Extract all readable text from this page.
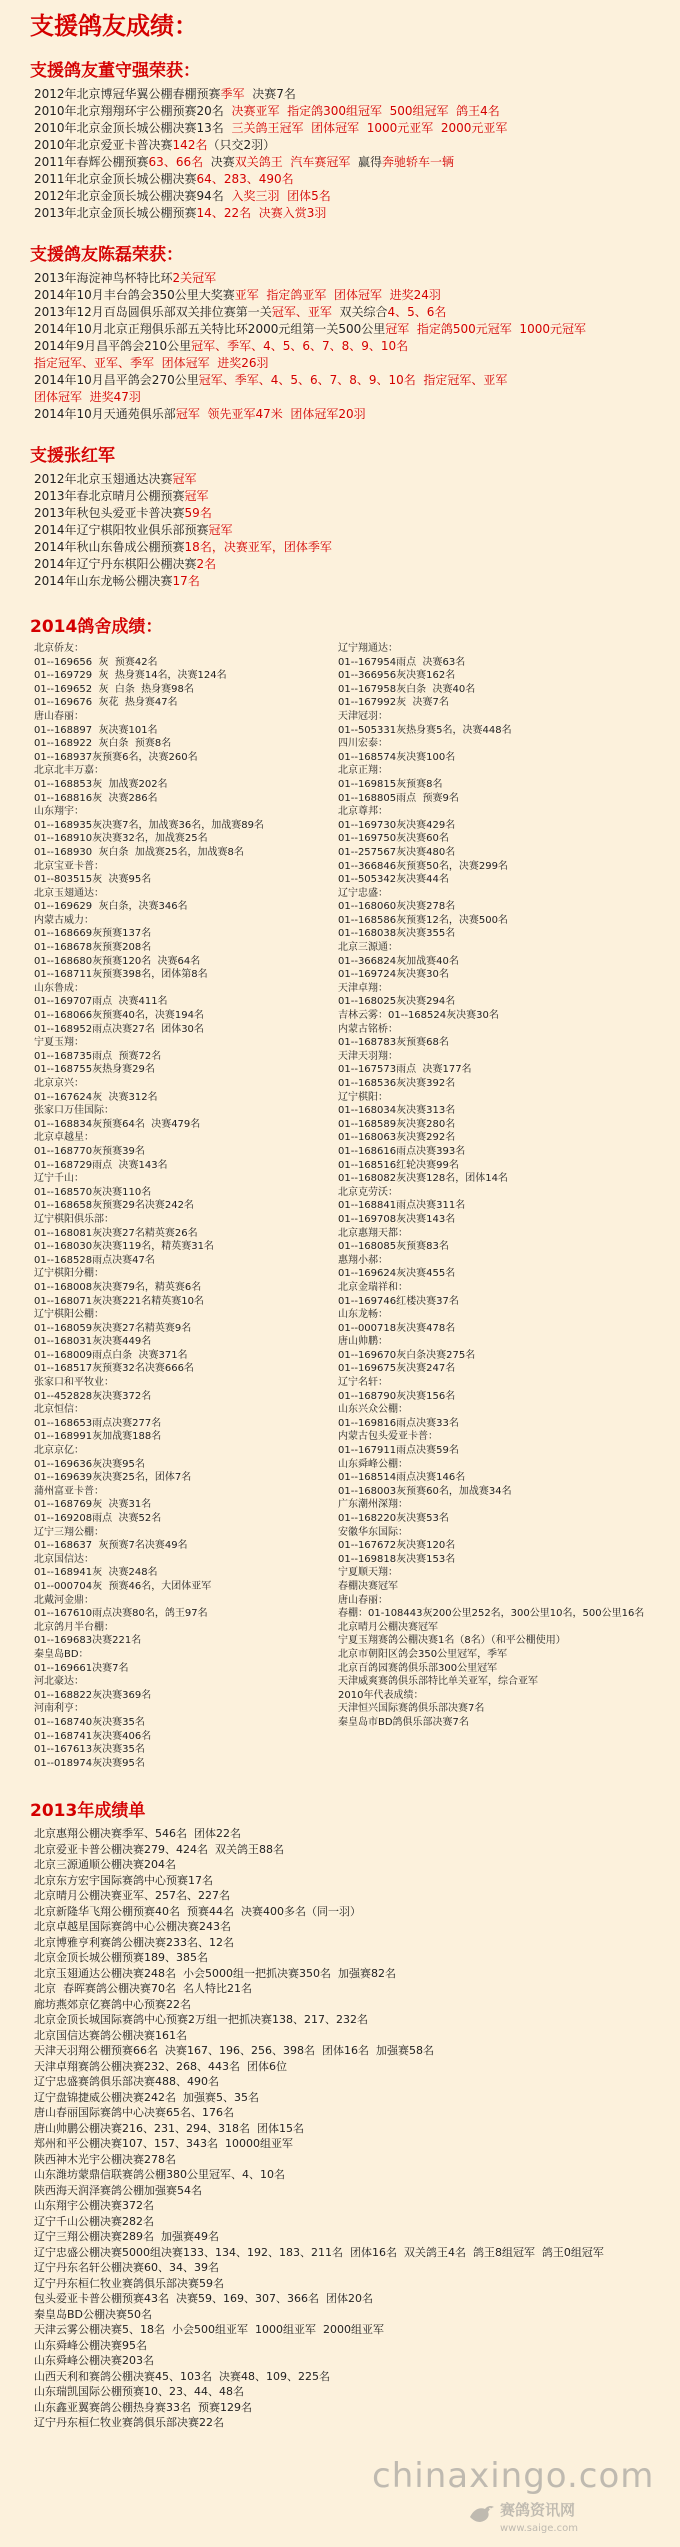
支援鸽友成绩：
支援鸽友董守强荣获：
2012年北京博冠华翼公棚春棚预赛季军  决赛7名
2010年北京翔翔环宇公棚预赛20名  决赛亚军  指定鸽300组冠军  500组冠军  鸽王4名
2010年北京金顶长城公棚决赛13名  三关鸽王冠军  团体冠军  1000元亚军  2000元亚军
2010年北京爱亚卡普决赛142名（只交2羽）
2011年春辉公棚预赛63、66名  决赛双关鸽王  汽车赛冠军  赢得奔驰轿车一辆
2011年北京金顶长城公棚决赛64、283、490名
2012年北京金顶长城公棚决赛94名  入奖三羽  团体5名
2013年北京金顶长城公棚预赛14、22名  决赛入赏3羽
支援鸽友陈磊荣获：
2013年海淀神鸟杯特比环2关冠军
2014年10月丰台鸽会350公里大奖赛亚军  指定鸽亚军  团体冠军  进奖24羽
2013年12月百岛圆俱乐部双关排位赛第一关冠军、亚军  双关综合4、5、6名
2014年10月北京正翔俱乐部五关特比环2000元组第一关500公里冠军  指定鸽500元冠军  1000元冠军
2014年9月昌平鸽会210公里冠军、季军、4、5、6、7、8、9、10名
指定冠军、亚军、季军  团体冠军  进奖26羽
2014年10月昌平鸽会270公里冠军、季军、4、5、6、7、8、9、10名  指定冠军、亚军
团体冠军  进奖47羽
2014年10月天通苑俱乐部冠军  领先亚军47米  团体冠军20羽
支援张红军
2012年北京玉翅通达决赛冠军
2013年春北京晴月公棚预赛冠军
2013年秋包头爱亚卡普决赛59名
2014年辽宁棋阳牧业俱乐部预赛冠军
2014年秋山东鲁成公棚预赛18名，决赛亚军，团体季军
2014年辽宁丹东棋阳公棚决赛2名
2014年山东龙畅公棚决赛17名
2014鸽舍成绩：
北京侨友：
01--169656  灰  预赛42名
01--169729  灰  热身赛14名，决赛124名
01--169652  灰  白条  热身赛98名
01--169676  灰花  热身赛47名
唐山春丽：
01--168897  灰决赛101名
01--168922  灰白条  预赛8名
01--168937灰预赛6名，决赛260名
北京北丰万嘉：
01--168853灰  加战赛202名
01--168816灰  决赛286名
山东翔宇：
01--168935灰决赛7名，加战赛36名，加战赛89名
01--168910灰决赛32名，加战赛25名
01--168930  灰白条  加战赛25名，加战赛8名
北京宝亚卡普：
01--803515灰  决赛95名
北京玉翅通达：
01--169629  灰白条，决赛346名
内蒙古威力：
01--168669灰预赛137名
01--168678灰预赛208名
01--168680灰预赛120名  决赛64名
01--168711灰预赛398名，团体第8名
山东鲁成：
01--169707雨点  决赛411名
01--168066灰预赛40名，决赛194名
01--168952雨点决赛27名  团体30名
宁夏玉翔：
01--168735雨点  预赛72名
01--168755灰热身赛29名
北京京兴：
01--167624灰  决赛312名
张家口万佳国际：
01--168834灰预赛64名  决赛479名
北京卓越星：
01--168770灰预赛39名
01--168729雨点  决赛143名
辽宁千山：
01--168570灰决赛110名
01--168658灰预赛29名决赛242名
辽宁棋阳俱乐部：
01--168081灰决赛27名精英赛26名
01--168030灰决赛119名，精英赛31名
01--168528雨点决赛47名
辽宁棋阳分棚：
01--168008灰决赛79名，精英赛6名
01--168071灰决赛221名精英赛10名
辽宁棋阳公棚：
01--168059灰决赛27名精英赛9名
01--168031灰决赛449名
01--168009雨点白条  决赛371名
01--168517灰预赛32名决赛666名
张家口和平牧业：
01--452828灰决赛372名
北京恒信：
01--168653雨点决赛277名
01--168991灰加战赛188名
北京京亿：
01--169636灰决赛95名
01--169639灰决赛25名，团体7名
蒲州富亚卡普：
01--168769灰  决赛31名
01--169208雨点  决赛52名
辽宁三翔公棚：
01--168637  灰预赛7名决赛49名
北京国信达：
01--168941灰  决赛248名
01--000704灰  预赛46名，大团体亚军
北戴河金鼎：
01--167610雨点决赛80名，鸽王97名
北京鸽月半台棚：
01--169683决赛221名
秦皇岛BD：
01--169661决赛7名
河北豪达：
01--168822灰决赛369名
河南利亨：
01--168740灰决赛35名
01--168741灰决赛406名
01--167613灰决赛35名
01--018974灰决赛95名
辽宁翔通达：
01--167954雨点  决赛63名
01--366956灰决赛162名
01--167958灰白条  决赛40名
01--167992灰  决赛7名
天津冠羽：
01--505331灰热身赛5名，决赛448名
四川宏泰：
01--168574灰决赛100名
北京正翔：
01--169815灰预赛8名
01--168805雨点  预赛9名
北京尊邦：
01--169730灰决赛429名
01--169750灰决赛60名
01--257567灰决赛480名
01--366846灰预赛50名，决赛299名
01--505342灰决赛44名
辽宁忠盛：
01--168060灰决赛278名
01--168586灰预赛12名，决赛500名
01--168038灰决赛355名
北京三源通：
01--366824灰加战赛40名
01--169724灰决赛30名
天津卓翔：
01--168025灰决赛294名
吉林云雾：01--168524灰决赛30名
内蒙古铭桥：
01--168783灰预赛68名
天津天羽翔：
01--167573雨点  决赛177名
01--168536灰决赛392名
辽宁棋阳：
01--168034灰决赛313名
01--168589灰决赛280名
01--168063灰决赛292名
01--168616雨点决赛393名
01--168516红轮决赛99名
01--168082灰决赛128名，团体14名
北京克劳沃：
01--168841雨点决赛311名
01--169708灰决赛143名
北京惠翔天都：
01--168085灰预赛83名
惠翔小郝：
01--169624灰决赛455名
北京金瑞祥和：
01--169746红楼决赛37名
山东龙畅：
01--000718灰决赛478名
唐山帅鹏：
01--169670灰白条决赛275名
01--169675灰决赛247名
辽宁名轩：
01--168790灰决赛156名
山东兴众公棚：
01--169816雨点决赛33名
内蒙古包头爱亚卡普：
01--167911雨点决赛59名
山东舜峰公棚：
01--168514雨点决赛146名
01--168003灰预赛60名，加战赛34名
广东潮州深翔：
01--168220灰决赛53名
安徽华东国际：
01--167672灰决赛120名
01--169818灰决赛153名
宁夏顺天翔：
春棚决赛冠军
唐山春丽：
春棚：01-108443灰200公里252名，300公里10名，500公里16名
北京晴月公棚决赛冠军
宁夏玉翔赛鸽公棚决赛1名（8名）（和平公棚使用）
北京市朝阳区鸽会350公里冠军，季军
北京百鸽园赛鸽俱乐部300公里冠军
天津威爽赛鸽俱乐部特比单关亚军，综合亚军
2010年代表成绩：
天津恒兴国际赛鸽俱乐部决赛7名
秦皇岛市BD鸽俱乐部决赛7名
2013年成绩单
北京惠翔公棚决赛季军、546名  团体22名
北京爱亚卡普公棚决赛279、424名  双关鸽王88名
北京三源通顺公棚决赛204名
北京东方宏宇国际赛鸽中心预赛17名
北京晴月公棚决赛亚军、257名、227名
北京新隆华飞翔公棚预赛40名  预赛44名  决赛400多名（同一羽）
北京卓越星国际赛鸽中心公棚决赛243名
北京博雅亨利赛鸽公棚决赛233名、12名
北京金顶长城公棚预赛189、385名
北京玉翅通达公棚决赛248名  小会5000组一把抓决赛350名  加强赛82名
北京  春晖赛鸽公棚决赛70名  名人特比21名
廊坊燕郊京亿赛鸽中心预赛22名
北京金顶长城国际赛鸽中心预赛2万组一把抓决赛138、217、232名
北京国信达赛鸽公棚决赛161名
天津天羽翔公棚预赛66名  决赛167、196、256、398名  团体16名  加强赛58名
天津卓翔赛鸽公棚决赛232、268、443名  团体6位
辽宁忠盛赛鸽俱乐部决赛488、490名
辽宁盘锦捷威公棚决赛242名  加强赛5、35名
唐山春丽国际赛鸽中心决赛65名、176名
唐山帅鹏公棚决赛216、231、294、318名  团体15名
郑州和平公棚决赛107、157、343名  10000组亚军
陕西神木光宇公棚决赛278名
山东潍坊蒙鼎信联赛鸽公棚380公里冠军、4、10名
陕西海天润泽赛鸽公棚加强赛54名
山东翔宇公棚决赛372名
辽宁千山公棚决赛282名
辽宁三翔公棚决赛289名  加强赛49名
辽宁忠盛公棚决赛5000组决赛133、134、192、183、211名  团体16名  双关鸽王4名  鸽王8组冠军  鸽王0组冠军
辽宁丹东名轩公棚决赛60、34、39名
辽宁丹东桓仁牧业赛鸽俱乐部决赛59名
包头爱亚卡普公棚预赛43名  决赛59、169、307、366名  团体20名
秦皇岛BD公棚决赛50名
天津云雾公棚决赛5、18名  小会500组亚军  1000组亚军  2000组亚军
山东舜峰公棚决赛95名
山东舜峰公棚决赛203名
山西天利和赛鸽公棚决赛45、103名  决赛48、109、225名
山东瑞凯国际公棚预赛10、23、44、48名
山东鑫亚翼赛鸽公棚热身赛33名  预赛129名
辽宁丹东桓仁牧业赛鸽俱乐部决赛22名
chinaxingo.com
赛鸽资讯网
www.saige.com
